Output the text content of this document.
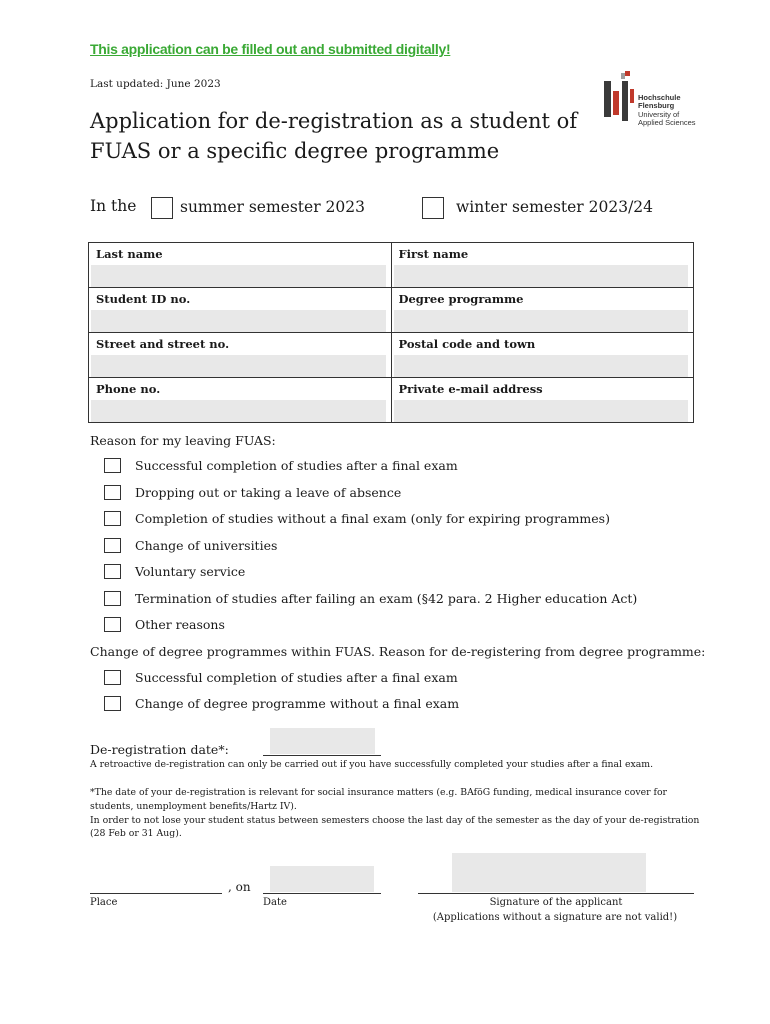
This application can be filled out and submitted digitally!
Last updated: June 2023
Application for de-registration as a student of
FUAS or a specific degree programme
Hochschule
Flensburg
University of
Applied Sciences
In the	summer semester 2023	winter semester 2023/24
Last name	First name

Student ID no.	Degree programme

Street and street no.	Postal code and town

Phone no.	Private e-mail address
Reason for my leaving FUAS:
Successful completion of studies after a final exam
Dropping out or taking a leave of absence
Completion of studies without a final exam (only for expiring programmes)
Change of universities
Voluntary service
Termination of studies after failing an exam (§42 para. 2 Higher education Act)
Other reasons
Change of degree programmes within FUAS. Reason for de-registering from degree programme:
Successful completion of studies after a final exam
Change of degree programme without a final exam
De-registration date*:
A retroactive de-registration can only be carried out if you have successfully completed your studies after a final exam.
*The date of your de-registration is relevant for social insurance matters (e.g. BAföG funding, medical insurance cover for students, unemployment benefits/Hartz IV).
In order to not lose your student status between semesters choose the last day of the semester as the day of your de-registration (28 Feb or 31 Aug).
, on
Place	Date	Signature of the applicant
(Applications without a signature are not valid!)
